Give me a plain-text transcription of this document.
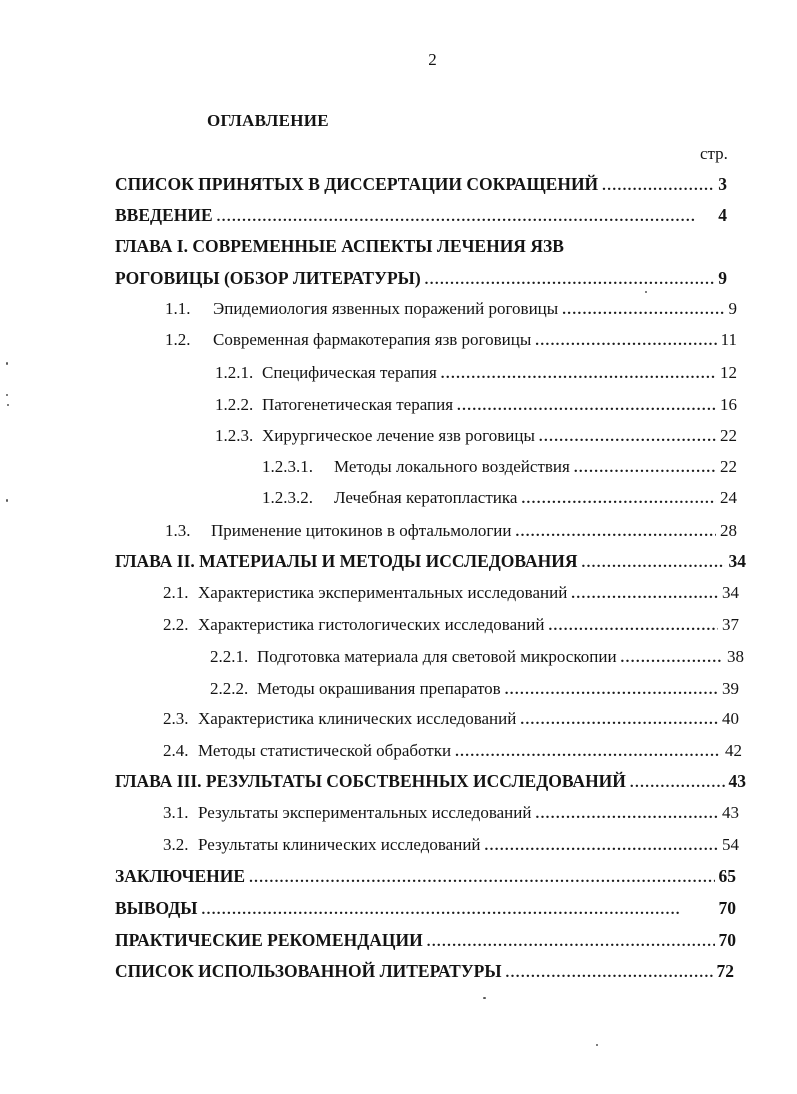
2
ОГЛАВЛЕНИЕ
стр.
СПИСОК ПРИНЯТЫХ В ДИССЕРТАЦИИ СОКРАЩЕНИЙ . . .	3
ВВЕДЕНИЕ . . .	4
ГЛАВА I. СОВРЕМЕННЫЕ АСПЕКТЫ ЛЕЧЕНИЯ ЯЗВ
РОГОВИЦЫ (ОБЗОР ЛИТЕРАТУРЫ) . . .	9
1.1.	Эпидемиология язвенных поражений роговицы . . .	9
1.2.	Современная фармакотерапия язв роговицы . . .	11
1.2.1. Специфическая терапия . . .	12
1.2.2. Патогенетическая терапия . . .	16
1.2.3. Хирургическое лечение язв роговицы . . .	22
1.2.3.1.	Методы локального воздействия . . .	22
1.2.3.2.	Лечебная кератопластика . . .	24
1.3.	Применение цитокинов в офтальмологии . . .	28
ГЛАВА II. МАТЕРИАЛЫ И МЕТОДЫ ИССЛЕДОВАНИЯ . . .	34
2.1. Характеристика экспериментальных исследований . . .	34
2.2. Характеристика гистологических исследований . . .	37
2.2.1. Подготовка материала для световой микроскопии . . .	38
2.2.2. Методы окрашивания препаратов . . .	39
2.3. Характеристика клинических исследований . . .	40
2.4. Методы статистической обработки . . .	42
ГЛАВА III. РЕЗУЛЬТАТЫ СОБСТВЕННЫХ ИССЛЕДОВАНИЙ . . .	43
3.1. Результаты экспериментальных исследований . . .	43
3.2. Результаты клинических исследований . . .	54
ЗАКЛЮЧЕНИЕ . . .	65
ВЫВОДЫ . . .	70
ПРАКТИЧЕСКИЕ РЕКОМЕНДАЦИИ . . .	70
СПИСОК ИСПОЛЬЗОВАННОЙ ЛИТЕРАТУРЫ . . .	72
